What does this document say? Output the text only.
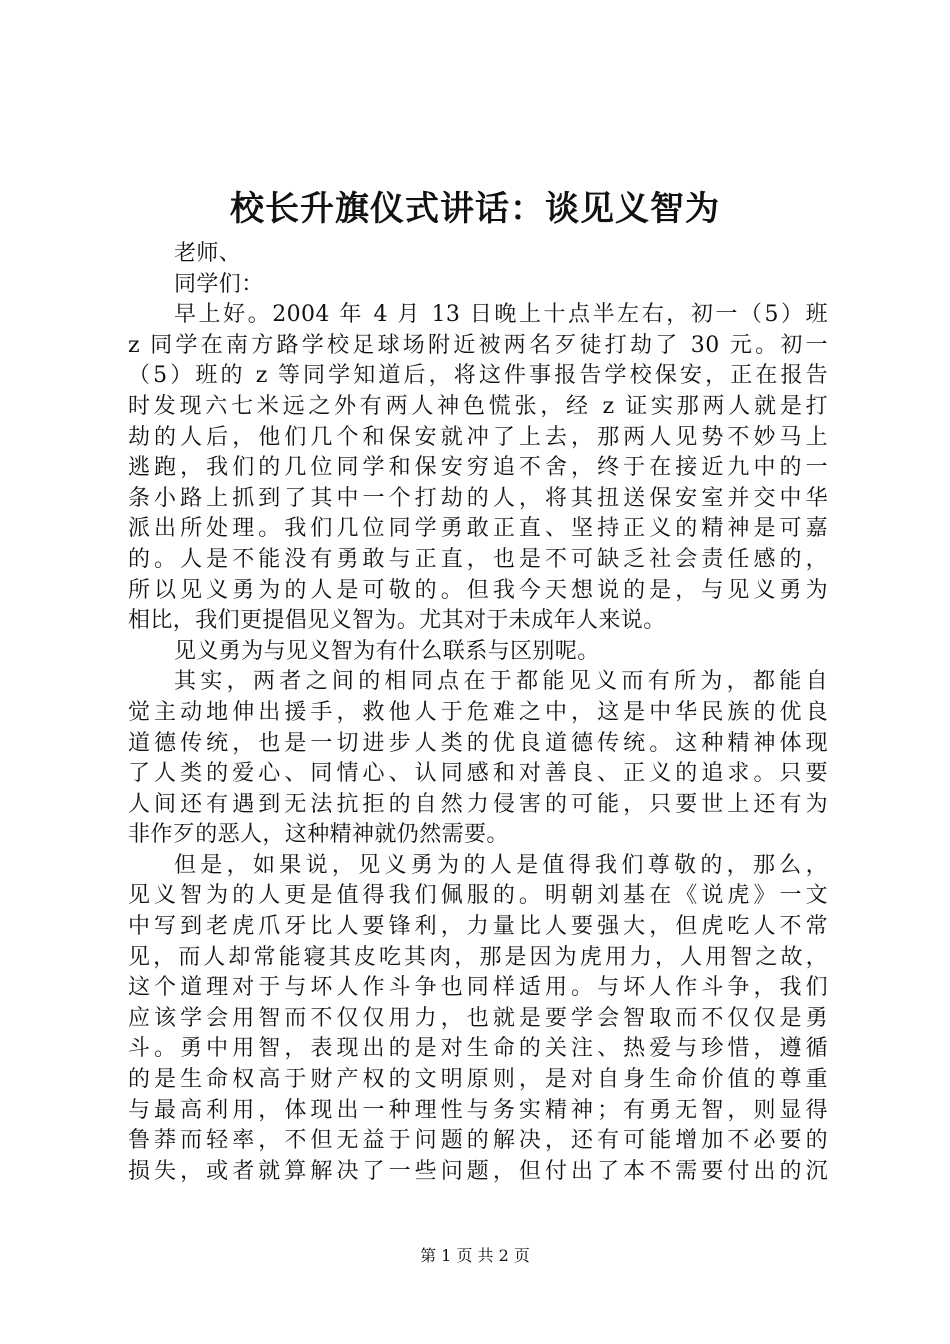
校长升旗仪式讲话：谈见义智为
老师、
同学们：
早上好。2004 年 4 月 13 日晚上十点半左右，初一（5）班
z 同学在南方路学校足球场附近被两名歹徒打劫了 30 元。初一
（5）班的 z 等同学知道后，将这件事报告学校保安，正在报告
时发现六七米远之外有两人神色慌张，经 z 证实那两人就是打
劫的人后，他们几个和保安就冲了上去，那两人见势不妙马上
逃跑，我们的几位同学和保安穷追不舍，终于在接近九中的一
条小路上抓到了其中一个打劫的人，将其扭送保安室并交中华
派出所处理。我们几位同学勇敢正直、坚持正义的精神是可嘉
的。人是不能没有勇敢与正直，也是不可缺乏社会责任感的，
所以见义勇为的人是可敬的。但我今天想说的是，与见义勇为
相比，我们更提倡见义智为。尤其对于未成年人来说。
见义勇为与见义智为有什么联系与区别呢。
其实，两者之间的相同点在于都能见义而有所为，都能自
觉主动地伸出援手，救他人于危难之中，这是中华民族的优良
道德传统，也是一切进步人类的优良道德传统。这种精神体现
了人类的爱心、同情心、认同感和对善良、正义的追求。只要
人间还有遇到无法抗拒的自然力侵害的可能，只要世上还有为
非作歹的恶人，这种精神就仍然需要。
但是，如果说，见义勇为的人是值得我们尊敬的，那么，
见义智为的人更是值得我们佩服的。明朝刘基在《说虎》一文
中写到老虎爪牙比人要锋利，力量比人要强大，但虎吃人不常
见，而人却常能寝其皮吃其肉，那是因为虎用力，人用智之故，
这个道理对于与坏人作斗争也同样适用。与坏人作斗争，我们
应该学会用智而不仅仅用力，也就是要学会智取而不仅仅是勇
斗。勇中用智，表现出的是对生命的关注、热爱与珍惜，遵循
的是生命权高于财产权的文明原则，是对自身生命价值的尊重
与最高利用，体现出一种理性与务实精神；有勇无智，则显得
鲁莽而轻率，不但无益于问题的解决，还有可能增加不必要的
损失，或者就算解决了一些问题，但付出了本不需要付出的沉
第 1 页 共 2 页
